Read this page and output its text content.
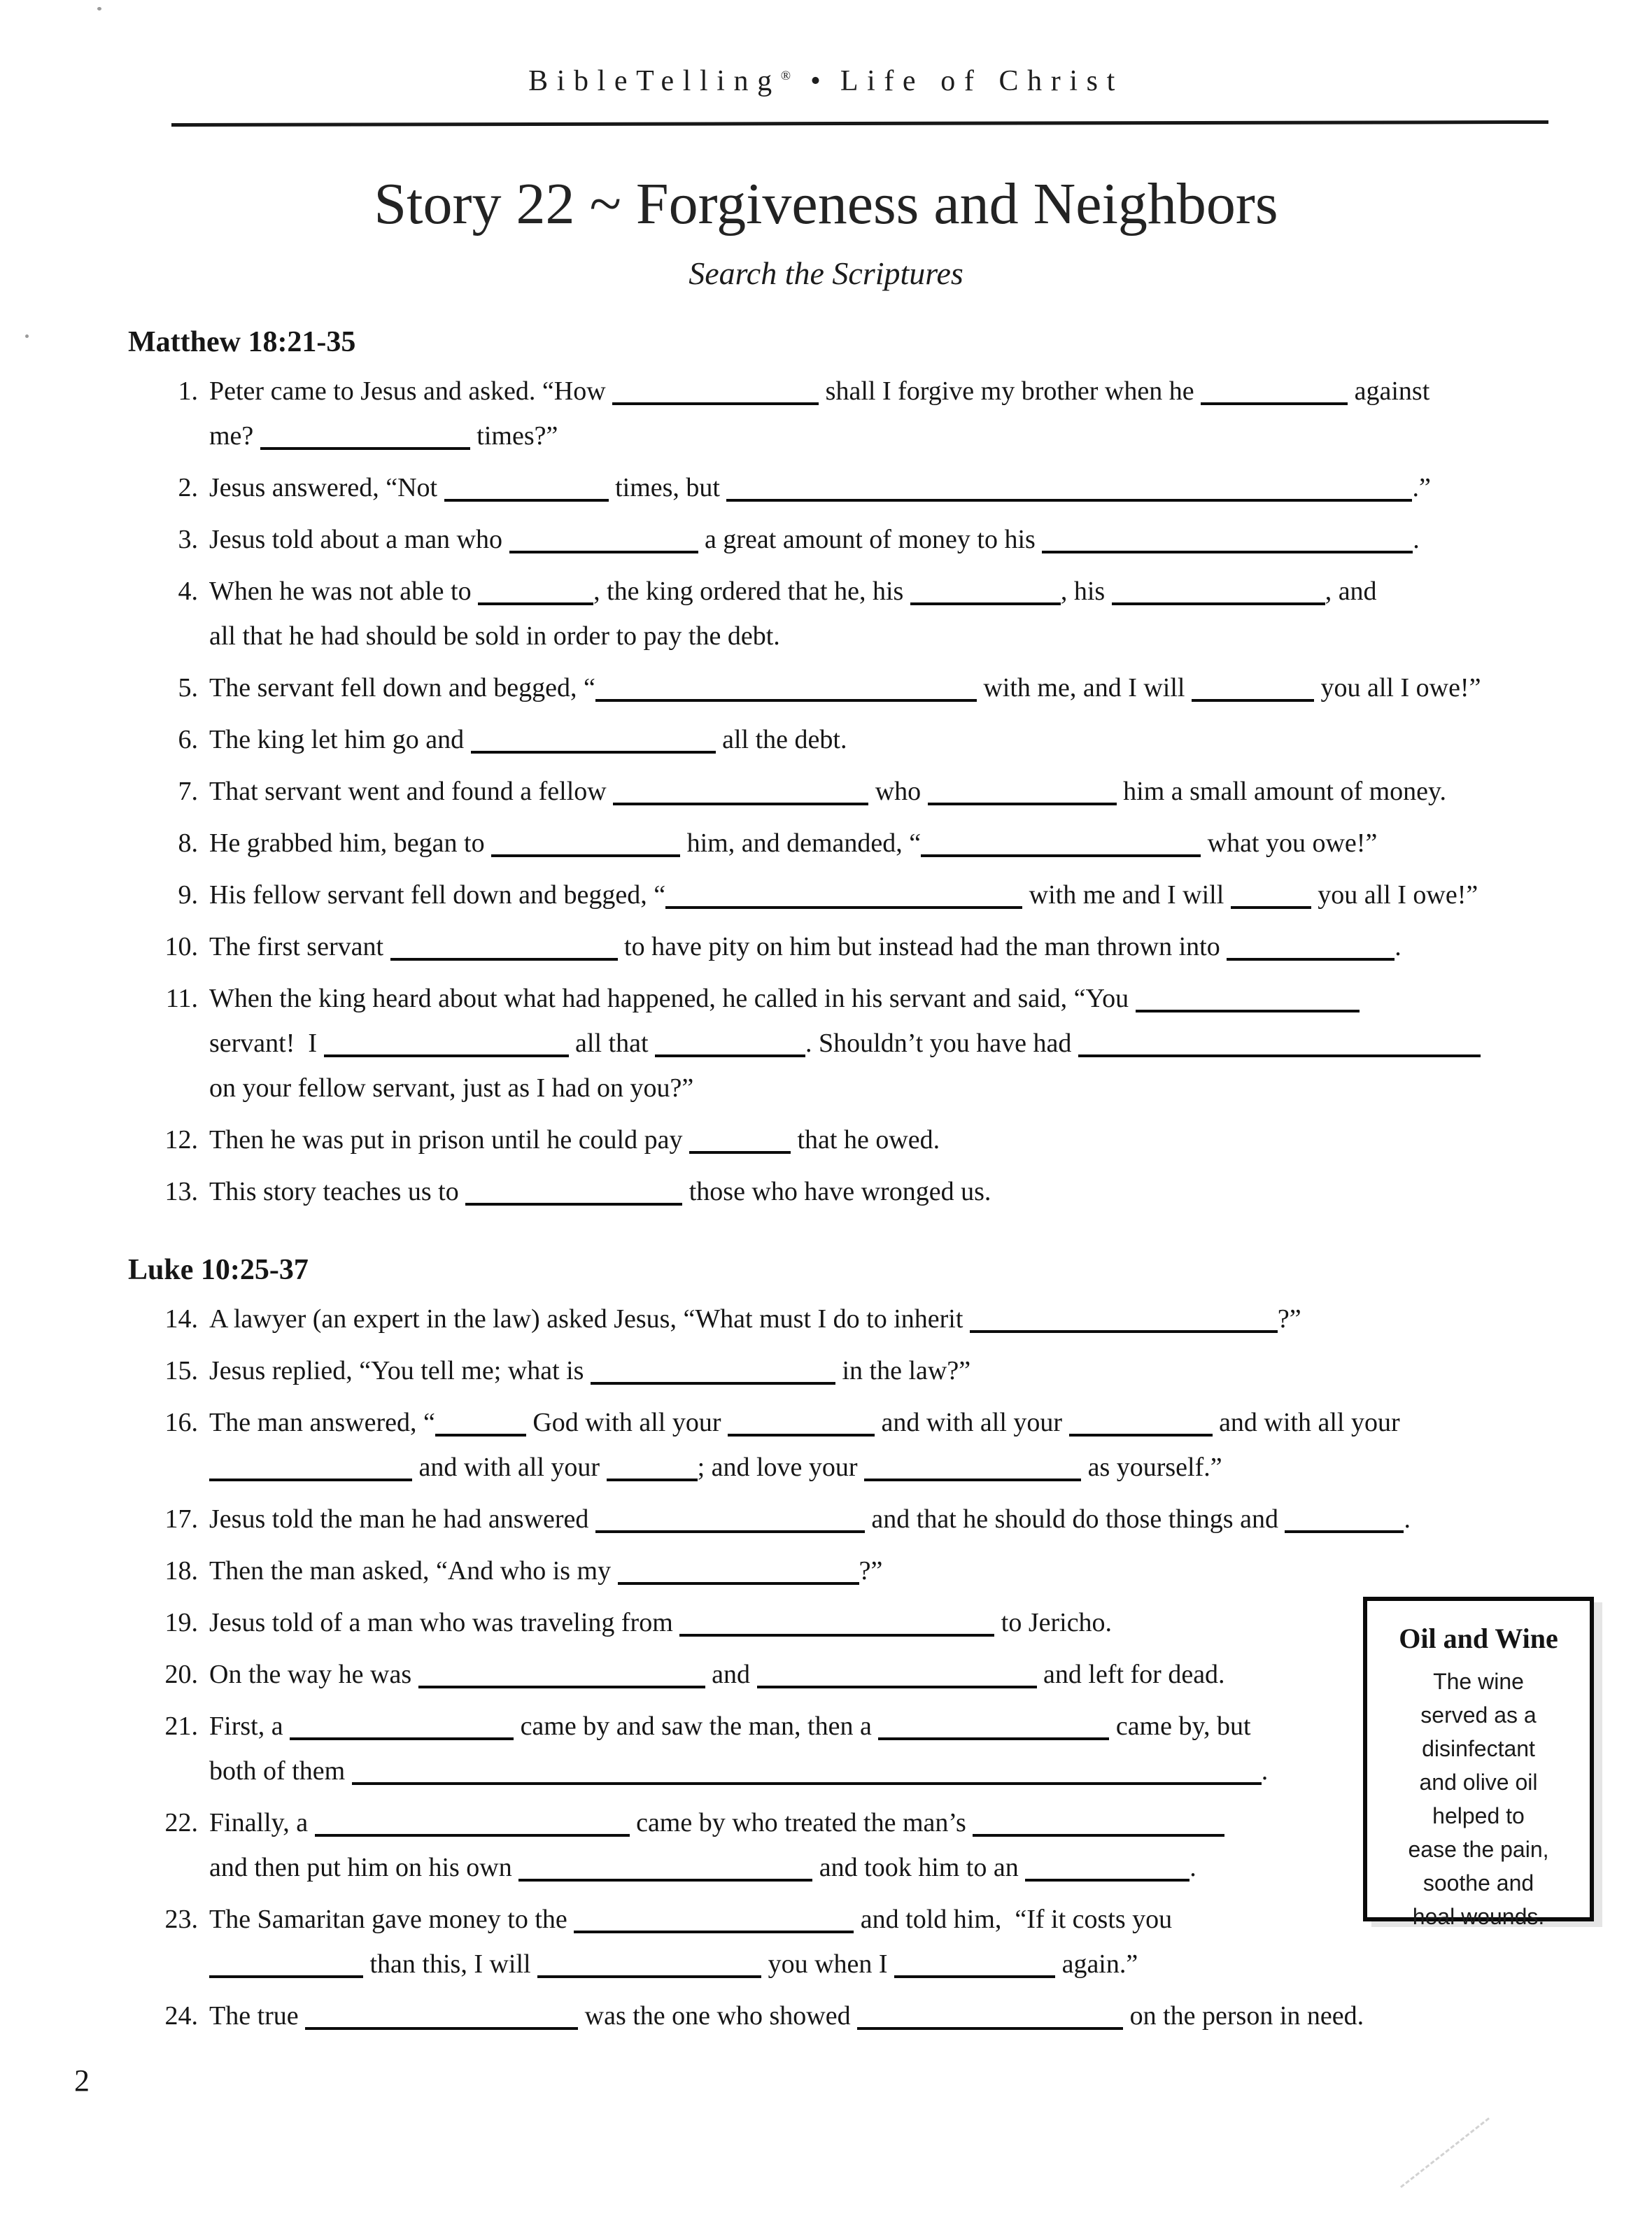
BibleTelling® • Life of Christ
Story 22 ~ Forgiveness and Neighbors
Search the Scriptures
Matthew 18:21-35
1. Peter came to Jesus and asked. “How	shall I forgive my brother when he	against
me?	times?”
2. Jesus answered, “Not	times, but	.”
3. Jesus told about a man who	a great amount of money to his	.
4. When he was not able to	, the king ordered that he, his	, his	, and
all that he had should be sold in order to pay the debt.
5. The servant fell down and begged, “	with me, and I will	you all I owe!”
6. The king let him go and	all the debt.
7. That servant went and found a fellow	who	him a small amount of money.
8. He grabbed him, began to	him, and demanded, “	what you owe!”
9. His fellow servant fell down and begged, “	with me and I will	you all I owe!”
10. The first servant	to have pity on him but instead had the man thrown into	.
11. When the king heard about what had happened, he called in his servant and said, “You
servant!  I	all that	. Shouldn’t you have had
on your fellow servant, just as I had on you?”
12. Then he was put in prison until he could pay	that he owed.
13. This story teaches us to	those who have wronged us.
Luke 10:25-37
14. A lawyer (an expert in the law) asked Jesus, “What must I do to inherit	?”
15. Jesus replied, “You tell me; what is	in the law?”
16. The man answered, “	God with all your	and with all your	and with all your
and with all your	; and love your	as yourself.”
17. Jesus told the man he had answered	and that he should do those things and	.
18. Then the man asked, “And who is my	?”
19. Jesus told of a man who was traveling from	to Jericho.
20. On the way he was	and	and left for dead.
21. First, a	came by and saw the man, then a	came by, but
both of them	.
22. Finally, a	came by who treated the man’s
and then put him on his own	and took him to an	.
23. The Samaritan gave money to the	and told him,  “If it costs you
than this, I will	you when I	again.”
24. The true	was the one who showed	on the person in need.
Oil and Wine
The wine
served as a
disinfectant
and olive oil
helped to
ease the pain,
soothe and
heal wounds.
2
